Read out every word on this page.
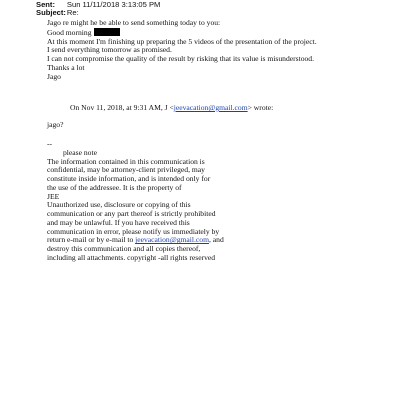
Sent: Sun 11/11/2018 3:13:05 PM
Subject: Re:
Jago re might he be able to send something today to you:
Good morning
At this moment I'm finishing up preparing the 5 videos of the presentation of the project.
I send everything tomorrow as promised.
I can not compromise the quality of the result by risking that its value is misunderstood.
Thanks a lot
Jago
On Nov 11, 2018, at 9:31 AM, J <jeevacation@gmail.com> wrote:
jago?
--
please note
The information contained in this communication is
confidential, may be attorney-client privileged, may
constitute inside information, and is intended only for
the use of the addressee. It is the property of
JEE
Unauthorized use, disclosure or copying of this
communication or any part thereof is strictly prohibited
and may be unlawful. If you have received this
communication in error, please notify us immediately by
return e-mail or by e-mail to jeevacation@gmail.com, and
destroy this communication and all copies thereof,
including all attachments. copyright -all rights reserved
